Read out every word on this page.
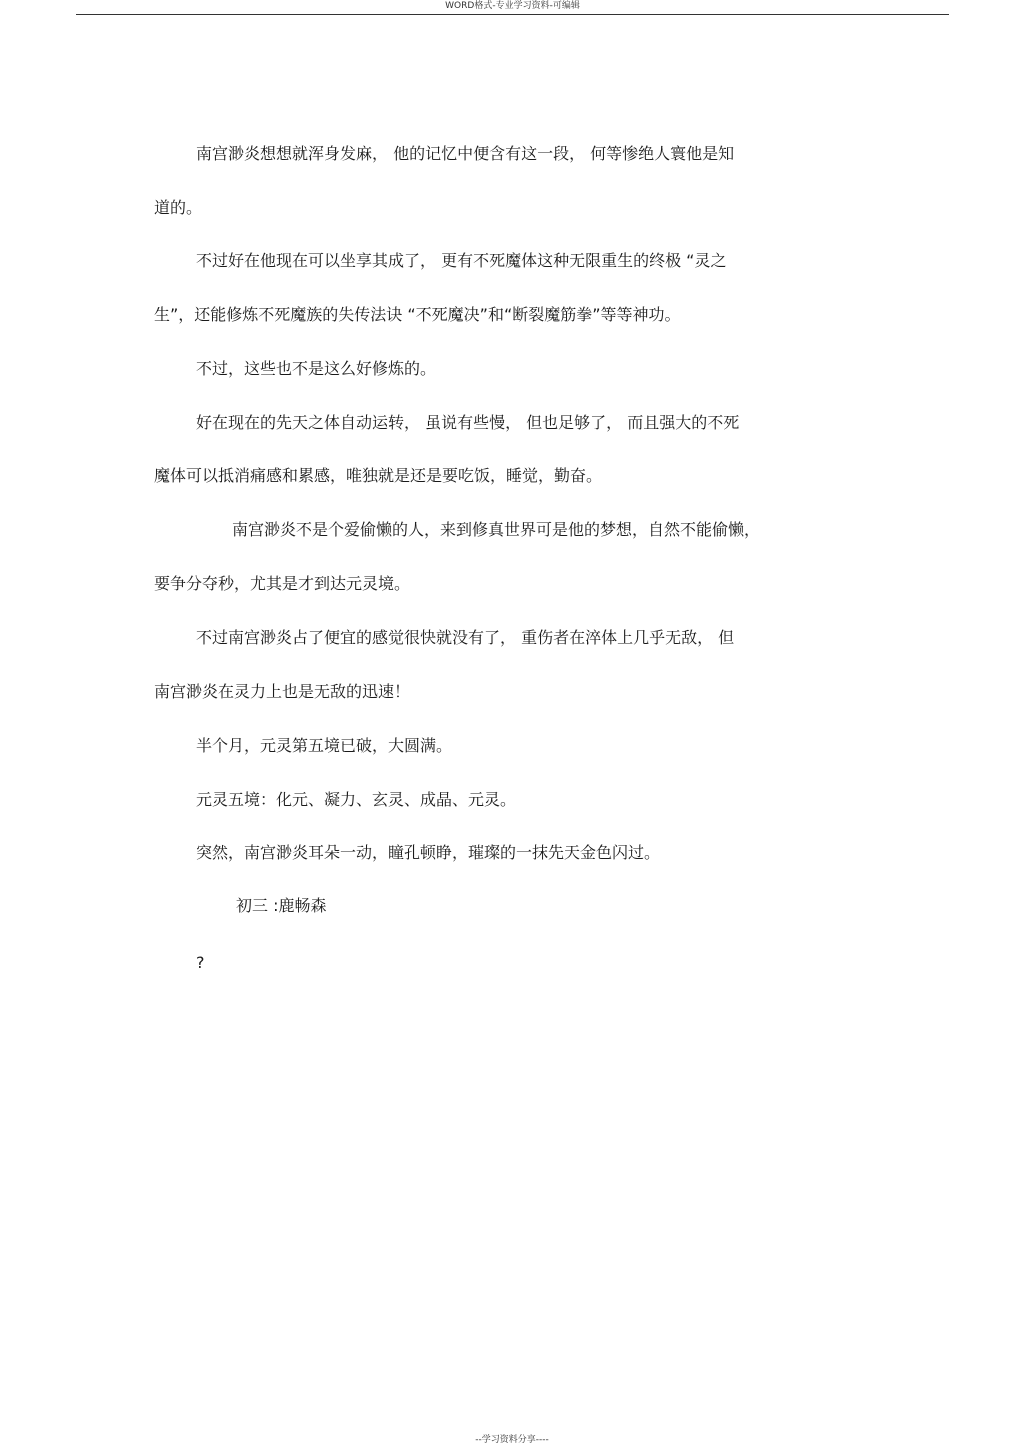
WORD格式-专业学习资料-可编辑
南宫渺炎想想就浑身发麻， 他的记忆中便含有这一段， 何等惨绝人寰他是知
道的。
不过好在他现在可以坐享其成了， 更有不死魔体这种无限重生的终极 “灵之
生”，还能修炼不死魔族的失传法诀 “不死魔决”和“断裂魔筋拳”等等神功。
不过，这些也不是这么好修炼的。
好在现在的先天之体自动运转， 虽说有些慢， 但也足够了， 而且强大的不死
魔体可以抵消痛感和累感，唯独就是还是要吃饭，睡觉，勤奋。
南宫渺炎不是个爱偷懒的人，来到修真世界可是他的梦想，自然不能偷懒，
要争分夺秒，尤其是才到达元灵境。
不过南宫渺炎占了便宜的感觉很快就没有了， 重伤者在淬体上几乎无敌， 但
南宫渺炎在灵力上也是无敌的迅速！
半个月，元灵第五境已破，大圆满。
元灵五境：化元、凝力、玄灵、成晶、元灵。
突然，南宫渺炎耳朵一动，瞳孔顿睁，璀璨的一抹先天金色闪过。
初三 :鹿畅森
?
--学习资料分享----
